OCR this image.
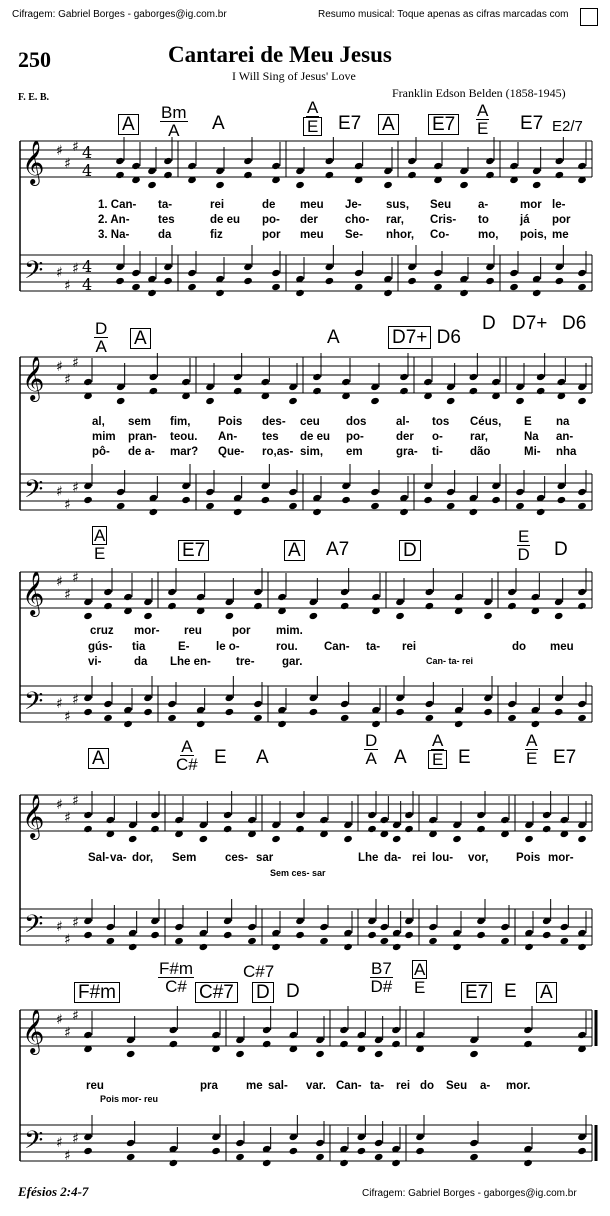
Cifragem: Gabriel Borges - gaborges@ig.com.br	Resumo musical: Toque apenas as cifras marcadas com
250	Cantarei de Meu Jesus
I Will Sing of Jesus' Love
Franklin Edson Belden (1858-1945)
F. E. B.
𝄞 ♯
♯
♯ 4
4
𝄢 ♯
♯
♯ 4
4
𝄞 ♯
♯
♯
𝄢 ♯
♯
♯
𝄞 ♯
♯
♯
𝄢 ♯
♯
♯
𝄞 ♯
♯
♯
𝄢 ♯
♯
♯
𝄞 ♯
♯
♯
𝄢 ♯
♯
♯
A $\frac{Bm}{A}$ A	$\frac{A}{E} E7$ A $E7 \frac{A}{E} E7$ E2/7
1. Can- ta-	rei	de meu Je- sus, Seu a-	mor le-
2. An- tes	de eu po- der cho- rar, Cris- to	já por
3. Na- da	fiz	por meu Se- nhor, Co-	mo, pois, me
$\frac{D}{A}$ A	A	D7+ D6
D D7+ D6
al, sem fim, Pois des- ceu dos	al- tos Céus, E na
mim pran- teou. An- tes de eu po-	der o- rar,	Na an-
pô- de a- mar? Que- ro,as- sim, em	gra- ti- dão	Mi- nha
$\frac{A}{E}$	E7	A A7	D	$\frac{E}{D}$ D
cruz mor- reu	por mim.
gús- tia	E- le o-	rou. Can- ta- rei	do meu
vi-	da Lhe en- tre- gar.	Can- ta- rei
A	$\frac{A}{C\#}$ E A	$\frac{D}{A}$ A $\frac{A}{E}$ E	$\frac{A}{E} E7$
Sal- va- dor, Sem ces- sar	Lhe da- rei lou- vor, Pois mor-
Sem ces- sar
F#m $\frac{F\#m}{C\#}$ C#7
C#7
D D	$\frac{B7}{D\#} \frac{A}{E} E7$ E A
reu	pra me sal- var. Can- ta- rei do Seu a- mor.
Pois mor- reu
Efésios 2:4-7	Cifragem: Gabriel Borges - gaborges@ig.com.br
